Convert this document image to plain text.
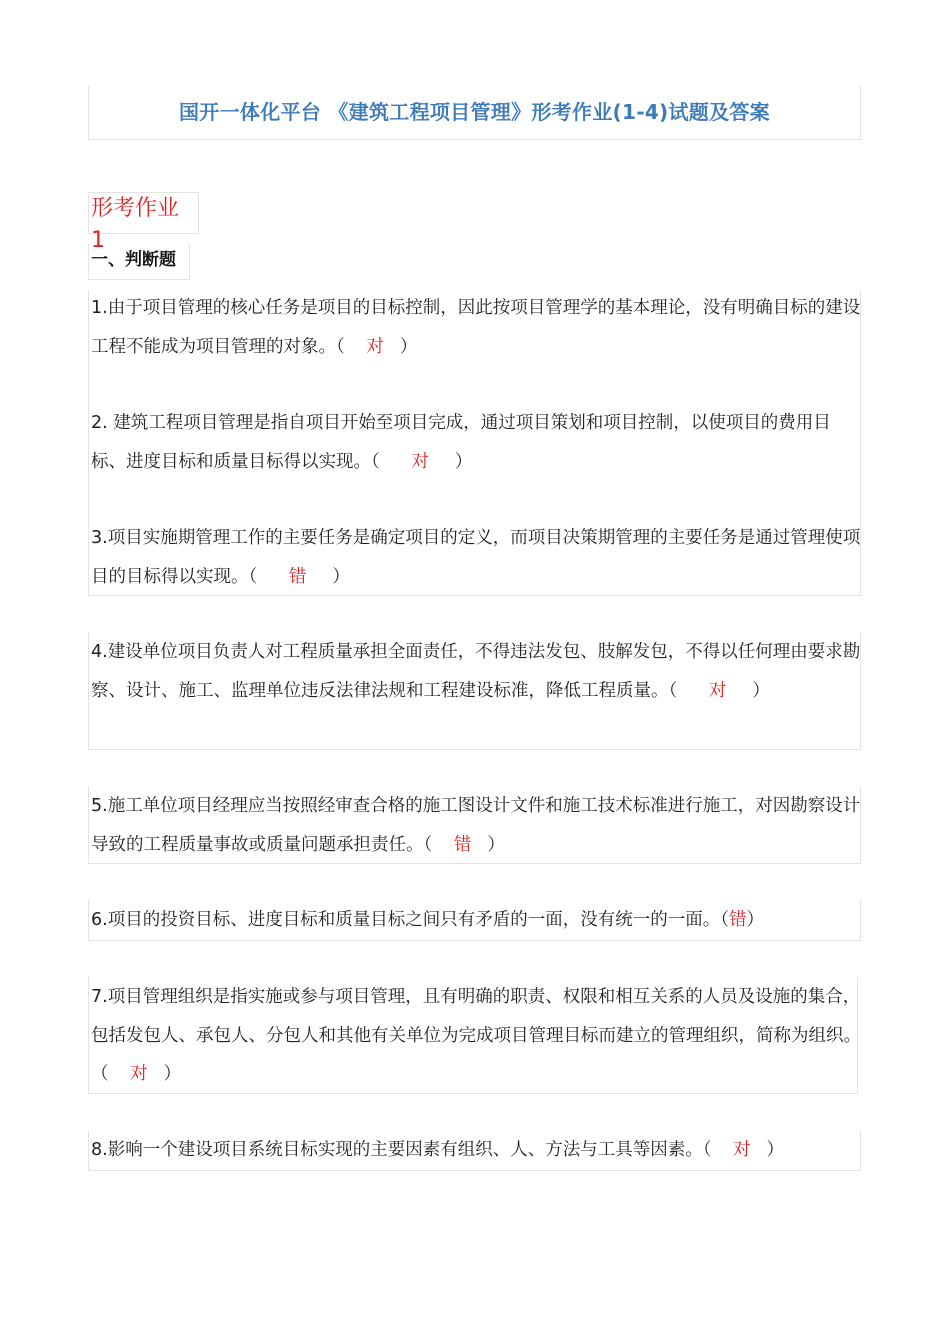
国开一体化平台 《建筑工程项目管理》形考作业(1-4)试题及答案
形考作业 1
一、判断题
1.由于项目管理的核心任务是项目的目标控制，因此按项目管理学的基本理论，没有明确目标的建设工程不能成为项目管理的对象。（ 对 ）
2. 建筑工程项目管理是指自项目开始至项目完成，通过项目策划和项目控制，以使项目的费用目标、进度目标和质量目标得以实现。（ 对 ）
3.项目实施期管理工作的主要任务是确定项目的定义，而项目决策期管理的主要任务是通过管理使项目的目标得以实现。（ 错 ）
4.建设单位项目负责人对工程质量承担全面责任，不得违法发包、肢解发包，不得以任何理由要求勘察、设计、施工、监理单位违反法律法规和工程建设标准，降低工程质量。（ 对 ）
5.施工单位项目经理应当按照经审查合格的施工图设计文件和施工技术标准进行施工，对因勘察设计导致的工程质量事故或质量问题承担责任。（ 错 ）
6.项目的投资目标、进度目标和质量目标之间只有矛盾的一面，没有统一的一面。（错）
7.项目管理组织是指实施或参与项目管理，且有明确的职责、权限和相互关系的人员及设施的集合，包括发包人、承包人、分包人和其他有关单位为完成项目管理目标而建立的管理组织，简称为组织。（ 对 ）
8.影响一个建设项目系统目标实现的主要因素有组织、人、方法与工具等因素。（ 对 ）
